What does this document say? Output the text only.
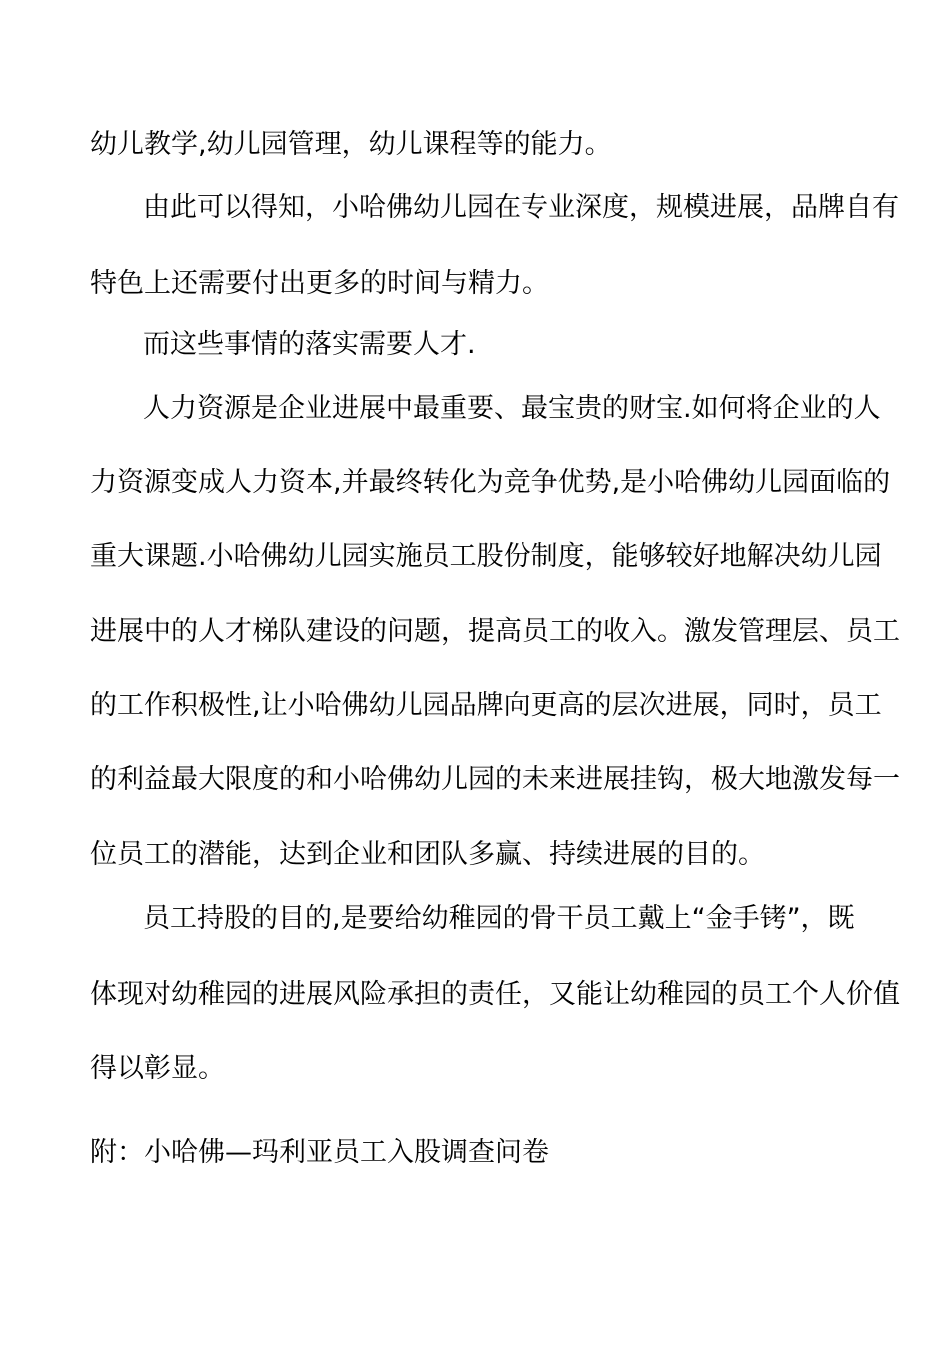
幼儿教学,幼儿园管理，幼儿课程等的能力。
由此可以得知，小哈佛幼儿园在专业深度，规模进展，品牌自有
特色上还需要付出更多的时间与精力。
而这些事情的落实需要人才.
人力资源是企业进展中最重要、最宝贵的财宝.如何将企业的人
力资源变成人力资本,并最终转化为竞争优势,是小哈佛幼儿园面临的
重大课题.小哈佛幼儿园实施员工股份制度，能够较好地解决幼儿园
进展中的人才梯队建设的问题，提高员工的收入。激发管理层、员工
的工作积极性,让小哈佛幼儿园品牌向更高的层次进展，同时，员工
的利益最大限度的和小哈佛幼儿园的未来进展挂钩，极大地激发每一
位员工的潜能，达到企业和团队多赢、持续进展的目的。
员工持股的目的,是要给幼稚园的骨干员工戴上“金手铐”，既
体现对幼稚园的进展风险承担的责任，又能让幼稚园的员工个人价值
得以彰显。
附：小哈佛—玛利亚员工入股调查问卷
